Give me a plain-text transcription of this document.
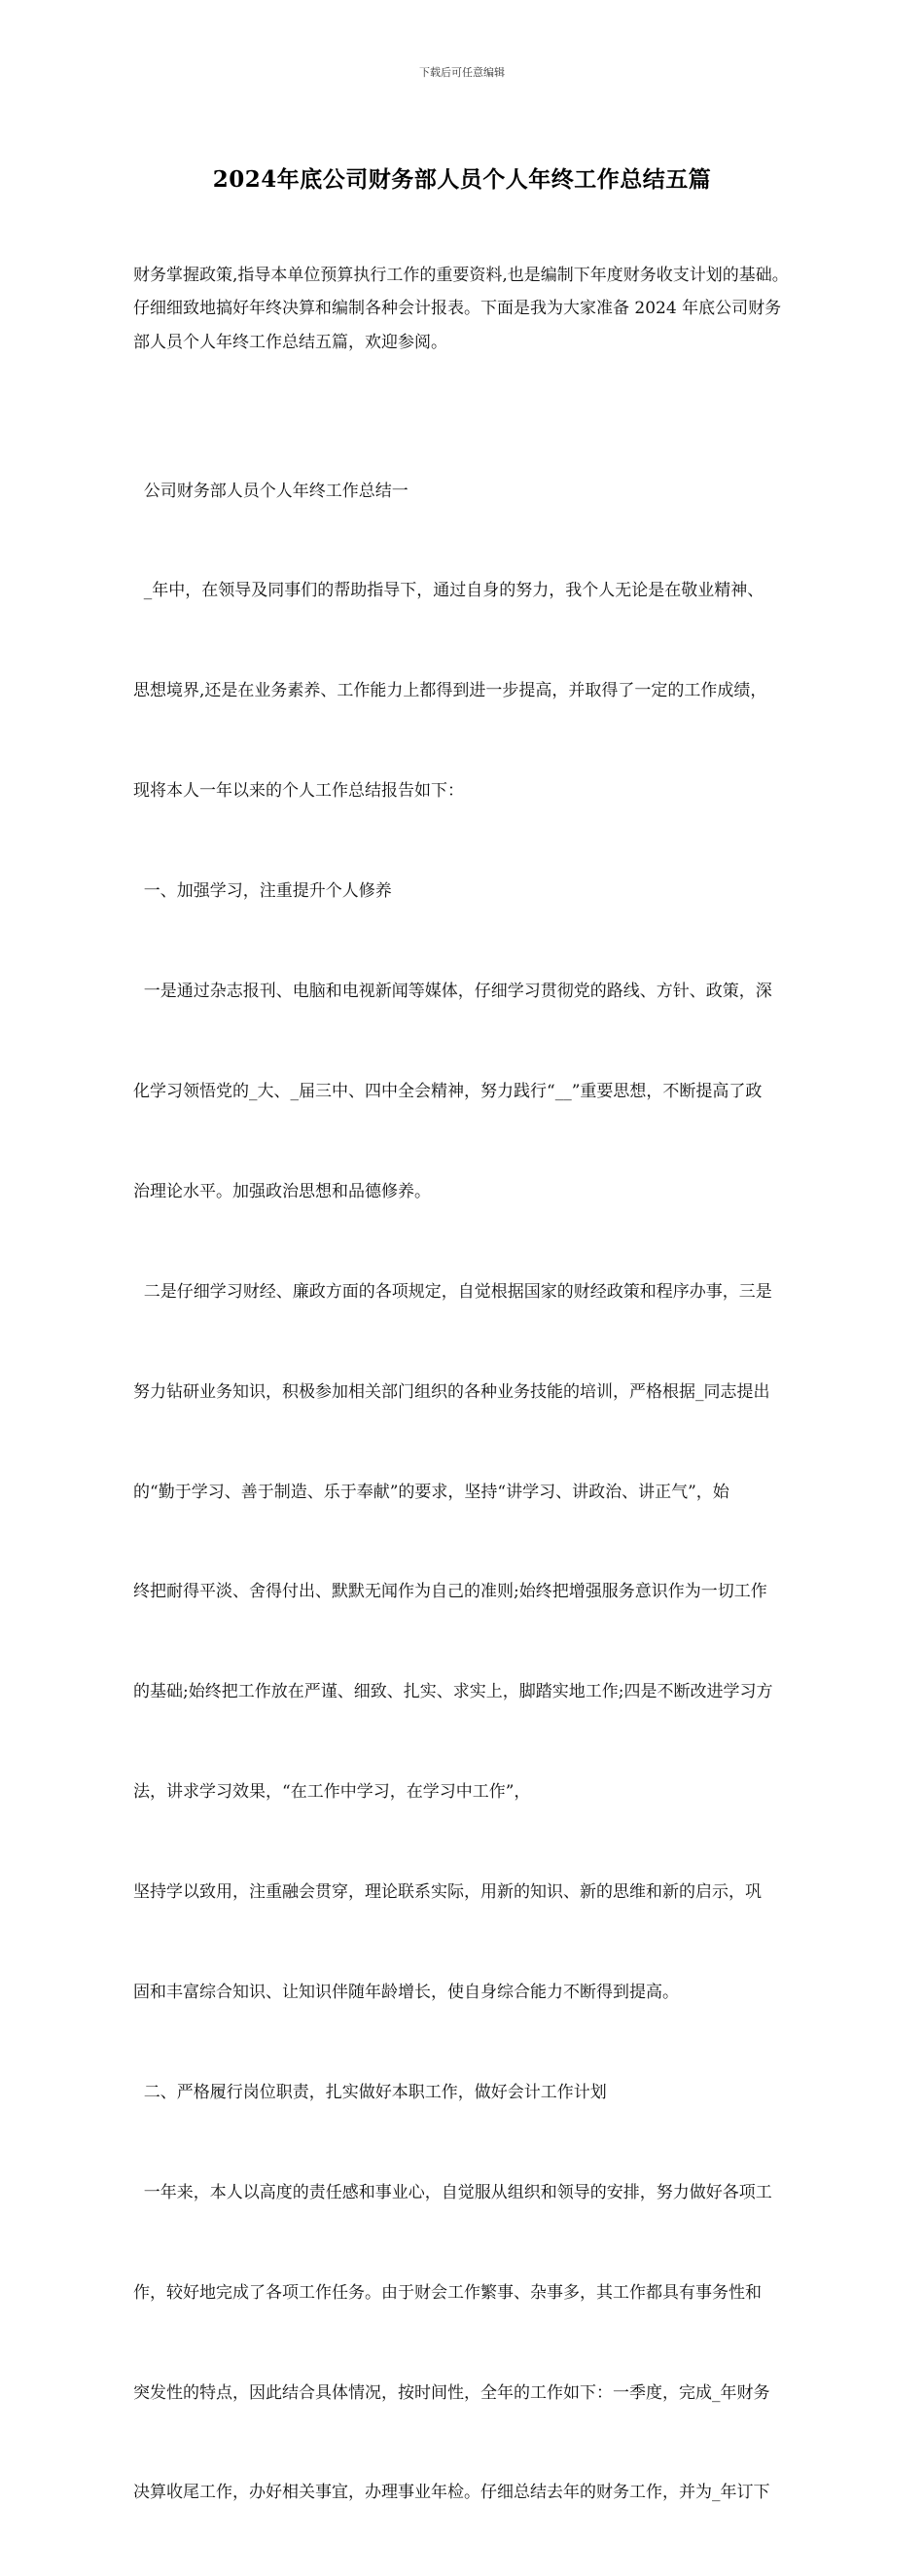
下载后可任意编辑
2024年底公司财务部人员个人年终工作总结五篇
财务掌握政策,指导本单位预算执行工作的重要资料,也是编制下年度财务收支计划的基础。
仔细细致地搞好年终决算和编制各种会计报表。下面是我为大家准备 2024 年底公司财务
部人员个人年终工作总结五篇，欢迎参阅。

公司财务部人员个人年终工作总结一

_年中，在领导及同事们的帮助指导下，通过自身的努力，我个人无论是在敬业精神、

思想境界,还是在业务素养、工作能力上都得到进一步提高，并取得了一定的工作成绩，

现将本人一年以来的个人工作总结报告如下：

一、加强学习，注重提升个人修养

一是通过杂志报刊、电脑和电视新闻等媒体，仔细学习贯彻党的路线、方针、政策，深

化学习领悟党的_大、_届三中、四中全会精神，努力践行“__”重要思想，不断提高了政

治理论水平。加强政治思想和品德修养。

二是仔细学习财经、廉政方面的各项规定，自觉根据国家的财经政策和程序办事，三是

努力钻研业务知识，积极参加相关部门组织的各种业务技能的培训，严格根据_同志提出

的“勤于学习、善于制造、乐于奉献”的要求，坚持“讲学习、讲政治、讲正气”，始

终把耐得平淡、舍得付出、默默无闻作为自己的准则;始终把增强服务意识作为一切工作

的基础;始终把工作放在严谨、细致、扎实、求实上，脚踏实地工作;四是不断改进学习方

法，讲求学习效果，“在工作中学习，在学习中工作”，

坚持学以致用，注重融会贯穿，理论联系实际，用新的知识、新的思维和新的启示，巩

固和丰富综合知识、让知识伴随年龄增长，使自身综合能力不断得到提高。

二、严格履行岗位职责，扎实做好本职工作，做好会计工作计划

一年来，本人以高度的责任感和事业心，自觉服从组织和领导的安排，努力做好各项工

作，较好地完成了各项工作任务。由于财会工作繁事、杂事多，其工作都具有事务性和

突发性的特点，因此结合具体情况，按时间性，全年的工作如下：一季度，完成_年财务

决算收尾工作，办好相关事宜，办理事业年检。仔细总结去年的财务工作，并为_年订下
